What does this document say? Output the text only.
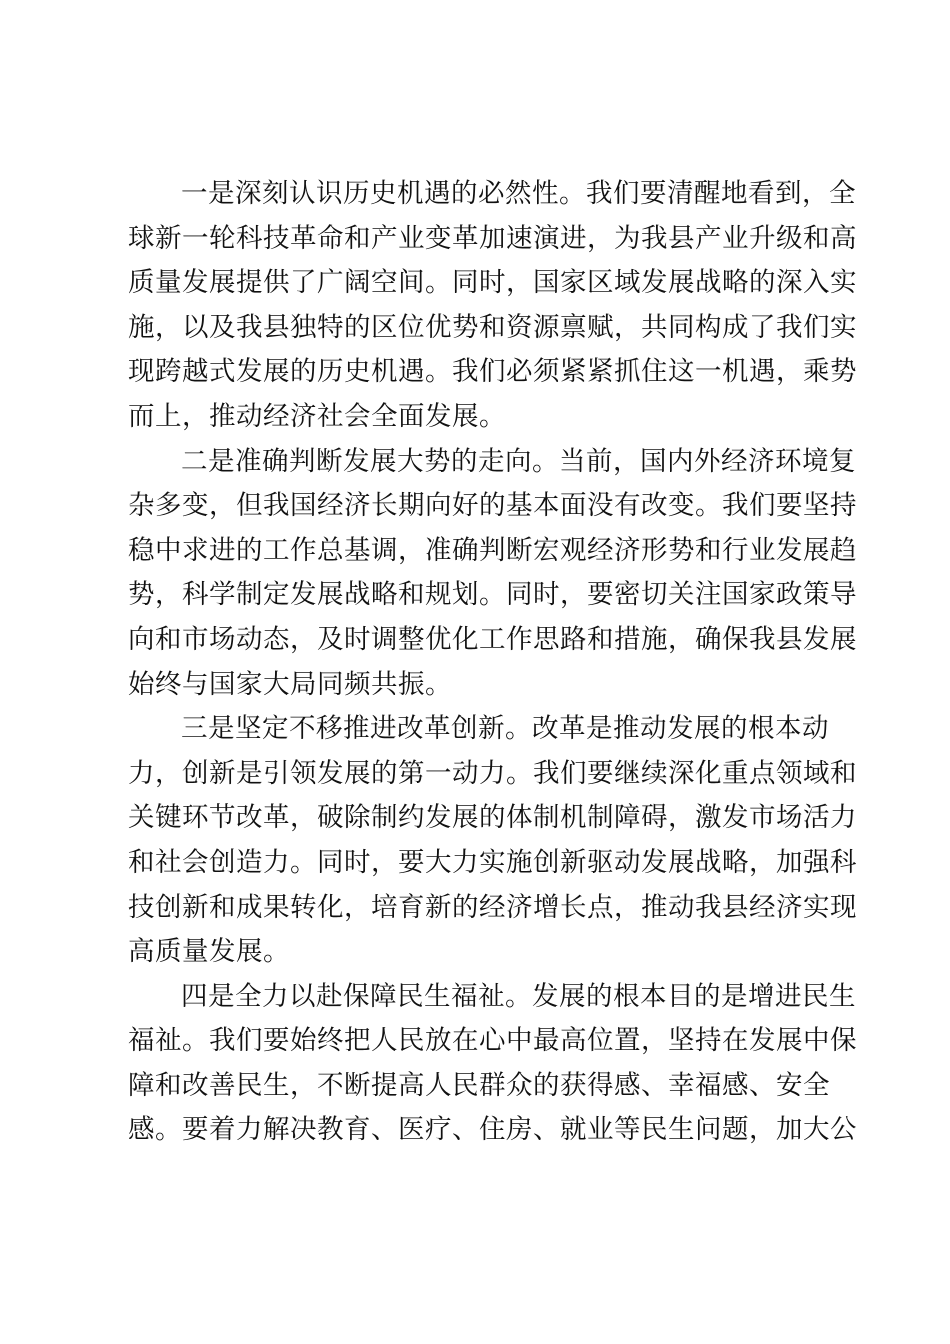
一是深刻认识历史机遇的必然性。我们要清醒地看到，全
球新一轮科技革命和产业变革加速演进，为我县产业升级和高
质量发展提供了广阔空间。同时，国家区域发展战略的深入实
施，以及我县独特的区位优势和资源禀赋，共同构成了我们实
现跨越式发展的历史机遇。我们必须紧紧抓住这一机遇，乘势
而上，推动经济社会全面发展。
二是准确判断发展大势的走向。当前，国内外经济环境复
杂多变，但我国经济长期向好的基本面没有改变。我们要坚持
稳中求进的工作总基调，准确判断宏观经济形势和行业发展趋
势，科学制定发展战略和规划。同时，要密切关注国家政策导
向和市场动态，及时调整优化工作思路和措施，确保我县发展
始终与国家大局同频共振。
三是坚定不移推进改革创新。改革是推动发展的根本动
力，创新是引领发展的第一动力。我们要继续深化重点领域和
关键环节改革，破除制约发展的体制机制障碍，激发市场活力
和社会创造力。同时，要大力实施创新驱动发展战略，加强科
技创新和成果转化，培育新的经济增长点，推动我县经济实现
高质量发展。
四是全力以赴保障民生福祉。发展的根本目的是增进民生
福祉。我们要始终把人民放在心中最高位置，坚持在发展中保
障和改善民生，不断提高人民群众的获得感、幸福感、安全
感。要着力解决教育、医疗、住房、就业等民生问题，加大公
